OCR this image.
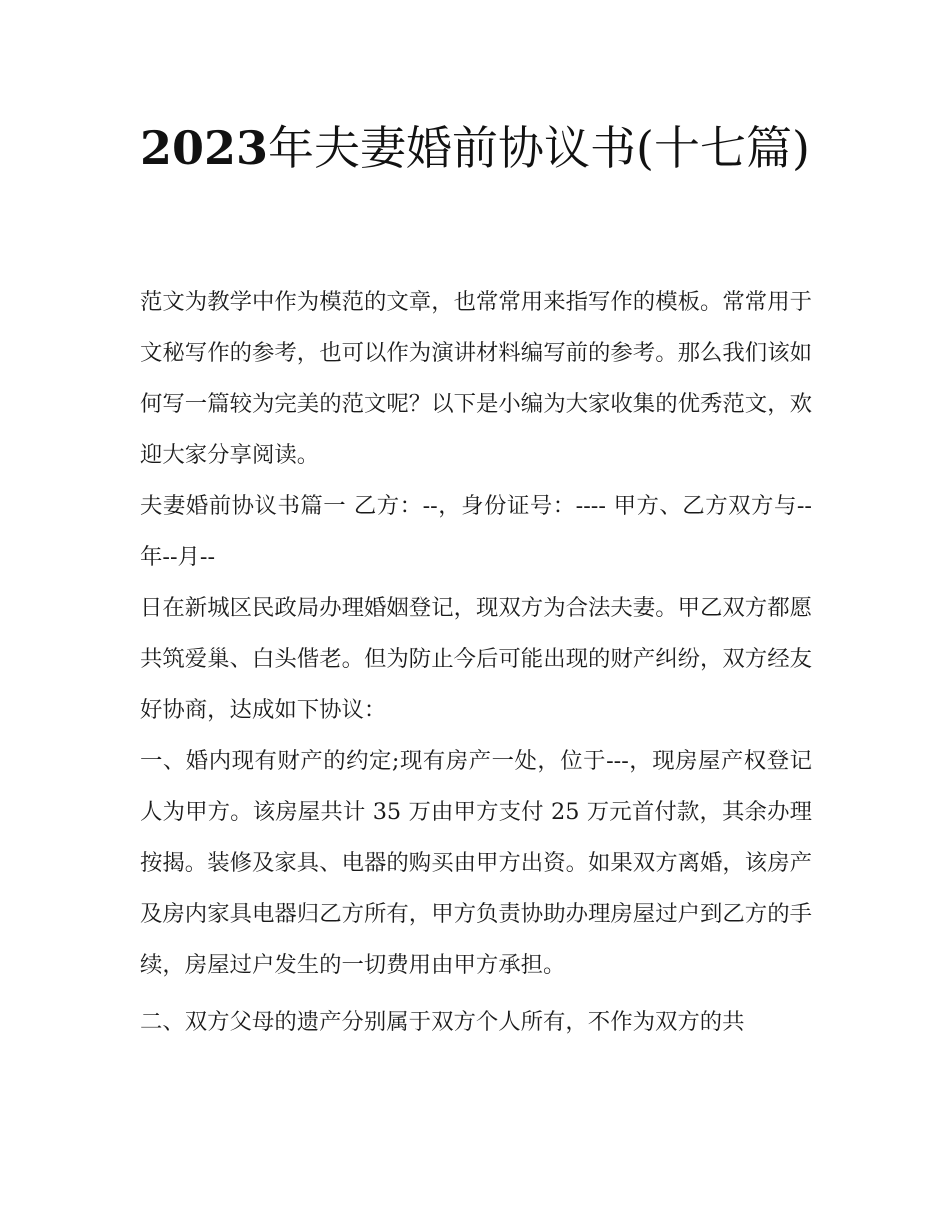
2023年夫妻婚前协议书(十七篇)

范文为教学中作为模范的文章，也常常用来指写作的模板。常常用于文秘写作的参考，也可以作为演讲材料编写前的参考。那么我们该如何写一篇较为完美的范文呢？以下是小编为大家收集的优秀范文，欢迎大家分享阅读。

夫妻婚前协议书篇一 乙方：--，身份证号：---- 甲方、乙方双方与--年--月--

日在新城区民政局办理婚姻登记，现双方为合法夫妻。甲乙双方都愿共筑爱巢、白头偕老。但为防止今后可能出现的财产纠纷，双方经友好协商，达成如下协议：

一、婚内现有财产的约定;现有房产一处，位于---，现房屋产权登记人为甲方。该房屋共计 35 万由甲方支付 25 万元首付款，其余办理按揭。装修及家具、电器的购买由甲方出资。如果双方离婚，该房产及房内家具电器归乙方所有，甲方负责协助办理房屋过户到乙方的手续，房屋过户发生的一切费用由甲方承担。

二、双方父母的遗产分别属于双方个人所有，不作为双方的共
